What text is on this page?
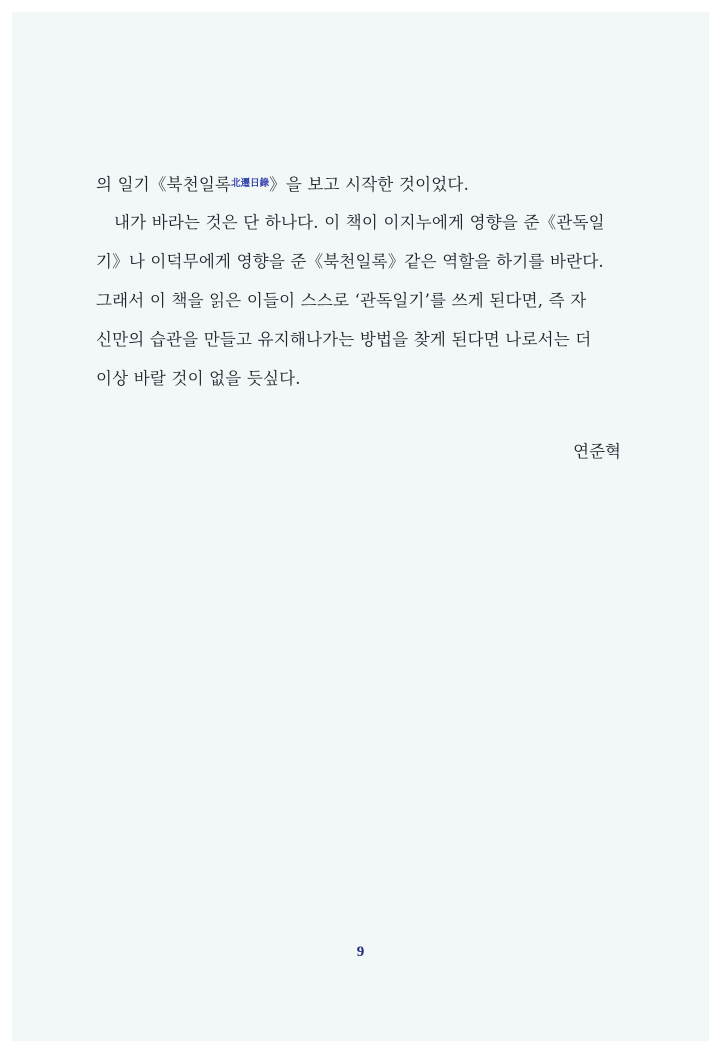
의 일기《북천일록$^{北遷日錄}$》을 보고 시작한 것이었다.
내가 바라는 것은 단 하나다. 이 책이 이지누에게 영향을 준《관독일
기》나 이덕무에게 영향을 준《북천일록》같은 역할을 하기를 바란다.
그래서 이 책을 읽은 이들이 스스로 ‘관독일기’를 쓰게 된다면, 즉 자
신만의 습관을 만들고 유지해나가는 방법을 찾게 된다면 나로서는 더
이상 바랄 것이 없을 듯싶다.
연준혁
9
